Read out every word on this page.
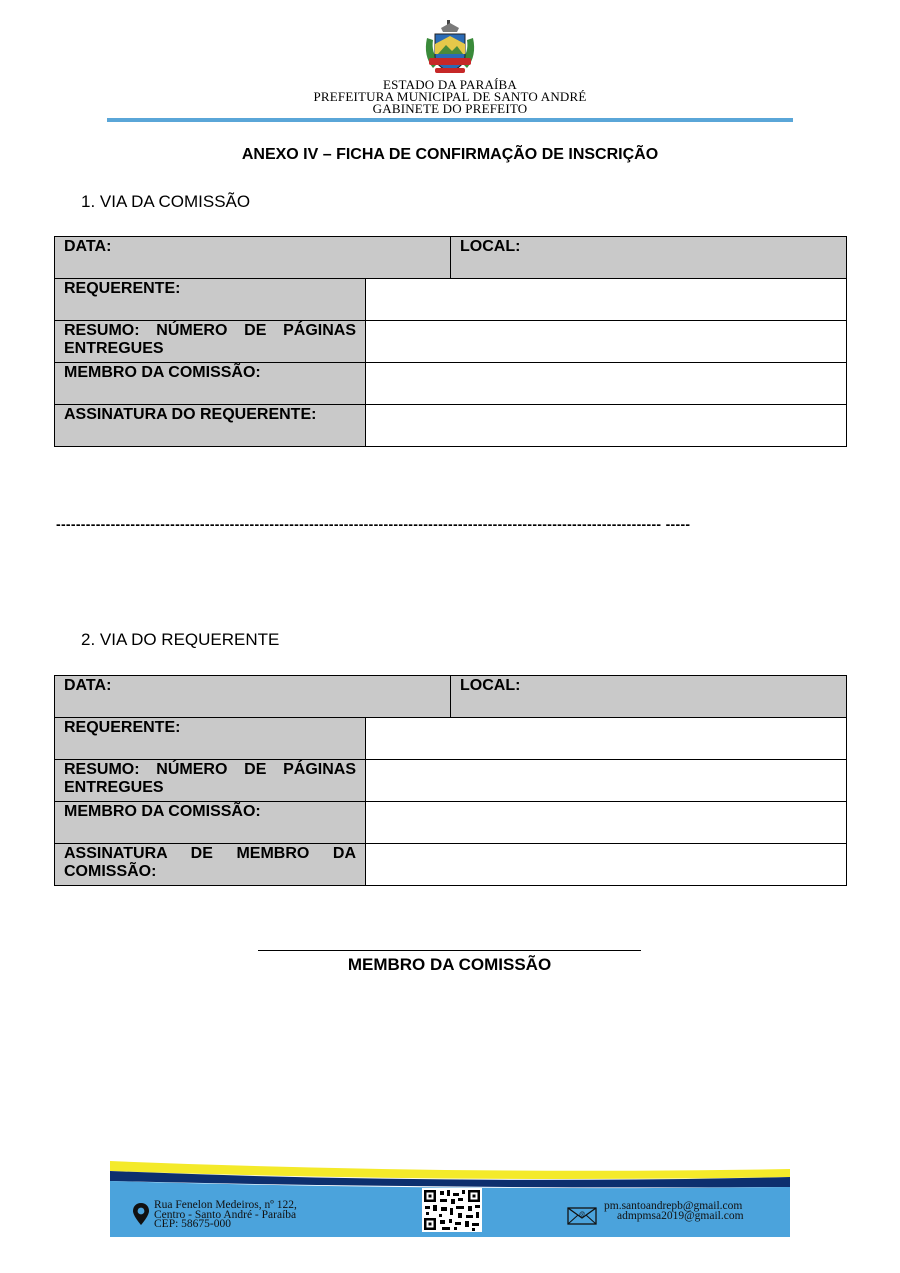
ESTADO DA PARAÍBA
PREFEITURA MUNICIPAL DE SANTO ANDRÉ
GABINETE DO PREFEITO
ANEXO IV – FICHA DE CONFIRMAÇÃO DE INSCRIÇÃO
1. VIA DA COMISSÃO
DATA:		LOCAL:
REQUERENTE:		
RESUMO: NÚMERO DE PÁGINAS ENTREGUES		
MEMBRO DA COMISSÃO:		
ASSINATURA DO REQUERENTE:		
-------------------------------------------------------------------------------------------------------------------------- -----
2. VIA DO REQUERENTE
DATA:		LOCAL:
REQUERENTE:		
RESUMO: NÚMERO DE PÁGINAS ENTREGUES		
MEMBRO DA COMISSÃO:		
ASSINATURA DE MEMBRO DA COMISSÃO:		
MEMBRO DA COMISSÃO
Rua Fenelon Medeiros, nº 122,
Centro - Santo André - Paraíba
CEP: 58675-000
@
pm.santoandrepb@gmail.com
admpmsa2019@gmail.com
